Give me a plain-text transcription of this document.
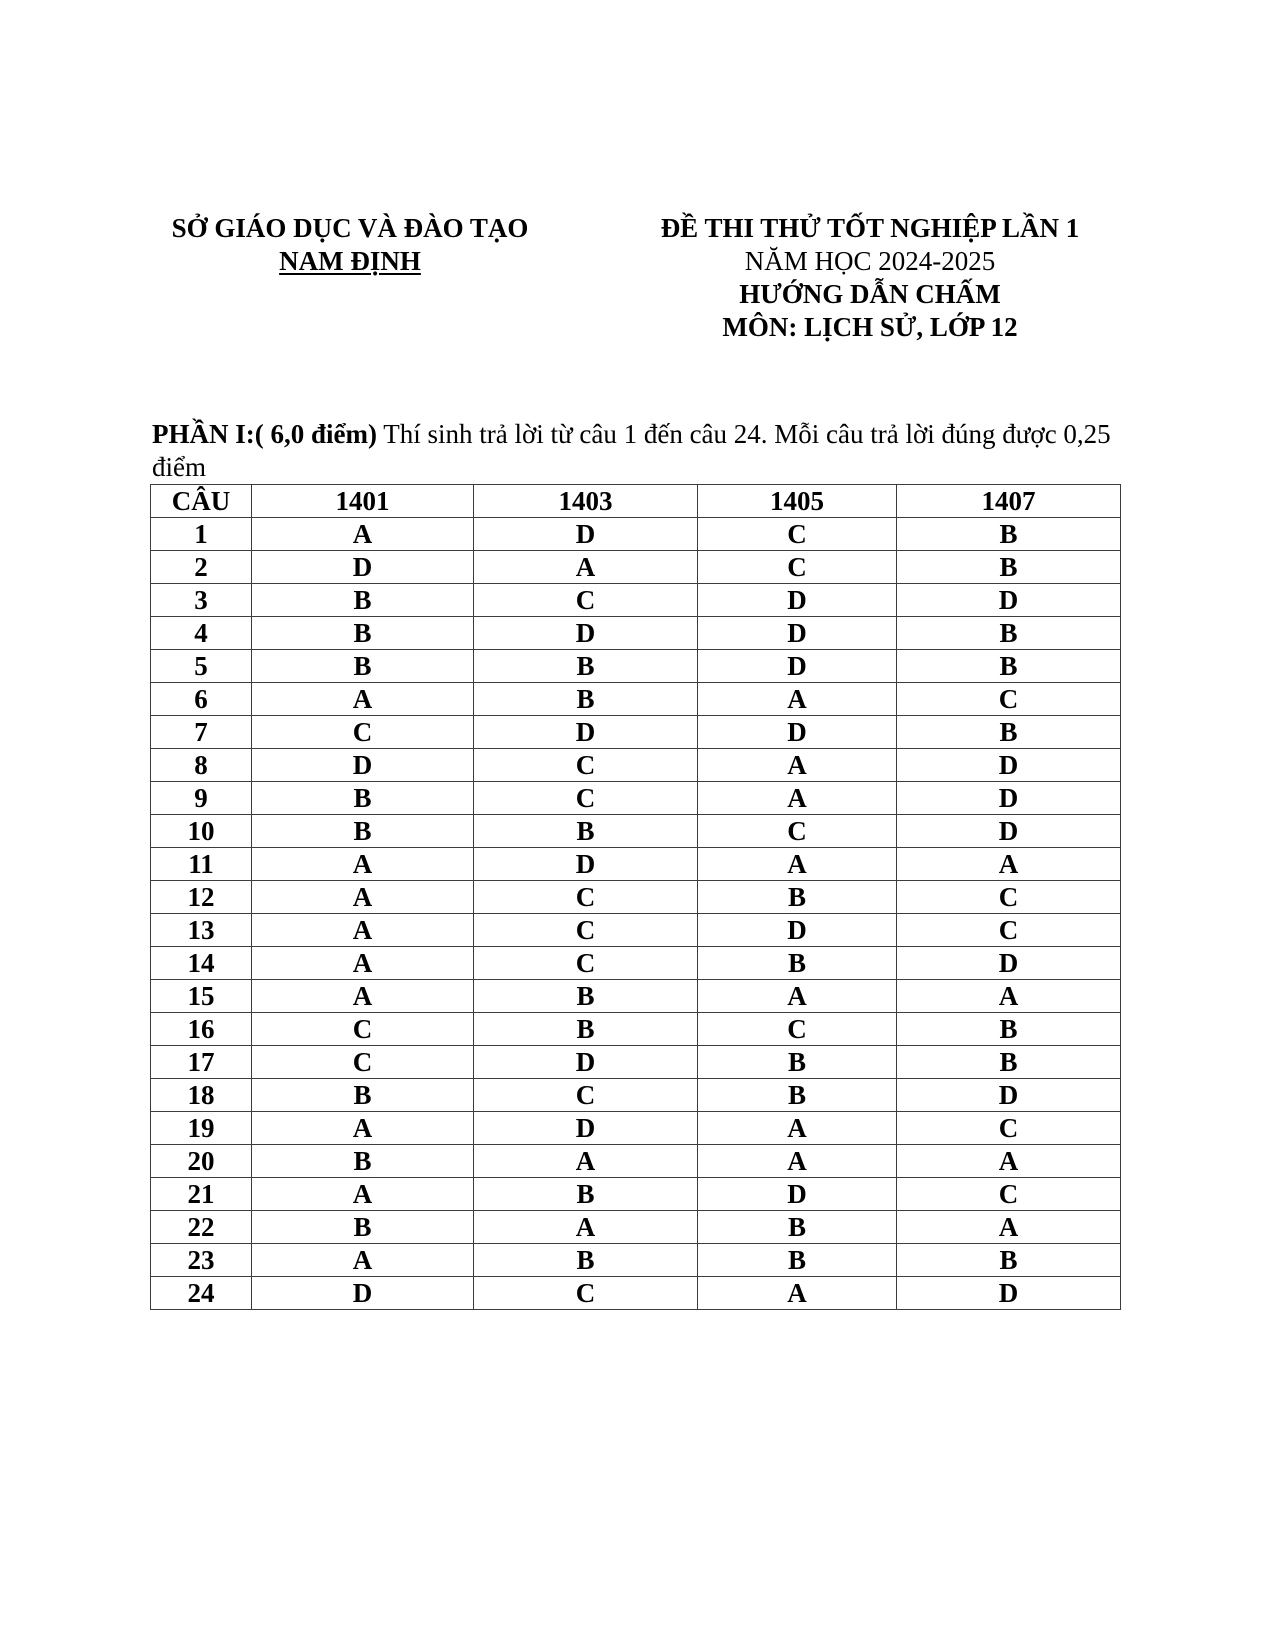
SỞ GIÁO DỤC VÀ ĐÀO TẠO
NAM ĐỊNH
ĐỀ THI THỬ TỐT NGHIỆP LẦN 1
NĂM HỌC 2024-2025
HƯỚNG DẪN CHẤM
MÔN: LỊCH SỬ, LỚP 12
PHẦN I:( 6,0 điểm) Thí sinh trả lời từ câu 1 đến câu 24. Mỗi câu trả lời đúng được 0,25 điểm
CÂU	1401	1403	1405	1407
1	A	D	C	B
2	D	A	C	B
3	B	C	D	D
4	B	D	D	B
5	B	B	D	B
6	A	B	A	C
7	C	D	D	B
8	D	C	A	D
9	B	C	A	D
10	B	B	C	D
11	A	D	A	A
12	A	C	B	C
13	A	C	D	C
14	A	C	B	D
15	A	B	A	A
16	C	B	C	B
17	C	D	B	B
18	B	C	B	D
19	A	D	A	C
20	B	A	A	A
21	A	B	D	C
22	B	A	B	A
23	A	B	B	B
24	D	C	A	D
